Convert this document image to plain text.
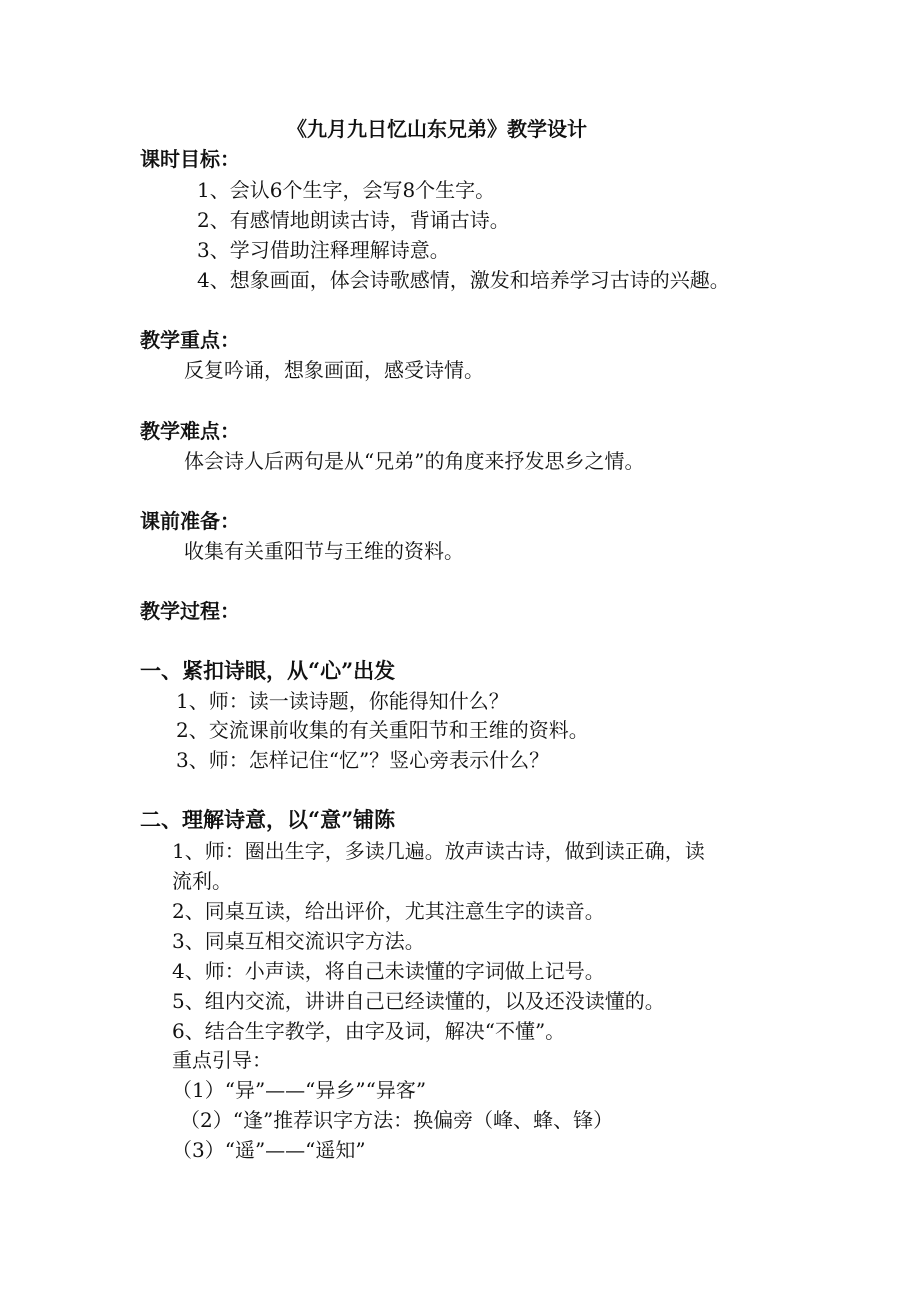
《九月九日忆山东兄弟》教学设计
课时目标：
1、会认6个生字，会写8个生字。
2、有感情地朗读古诗，背诵古诗。
3、学习借助注释理解诗意。
4、想象画面，体会诗歌感情，激发和培养学习古诗的兴趣。
教学重点：
反复吟诵，想象画面，感受诗情。
教学难点：
体会诗人后两句是从“兄弟”的角度来抒发思乡之情。
课前准备：
收集有关重阳节与王维的资料。
教学过程：
一、紧扣诗眼，从“心”出发
1、师：读一读诗题，你能得知什么？
2、交流课前收集的有关重阳节和王维的资料。
3、师：怎样记住“忆”？竖心旁表示什么？
二、理解诗意，以“意”铺陈
1、师：圈出生字，多读几遍。放声读古诗，做到读正确，读
流利。
2、同桌互读，给出评价，尤其注意生字的读音。
3、同桌互相交流识字方法。
4、师：小声读，将自己未读懂的字词做上记号。
5、组内交流，讲讲自己已经读懂的，以及还没读懂的。
6、结合生字教学，由字及词，解决“不懂”。
重点引导：
（1）“异”——“异乡”“异客”
（2）“逢”推荐识字方法：换偏旁（峰、蜂、锋）
（3）“遥”——“遥知”
